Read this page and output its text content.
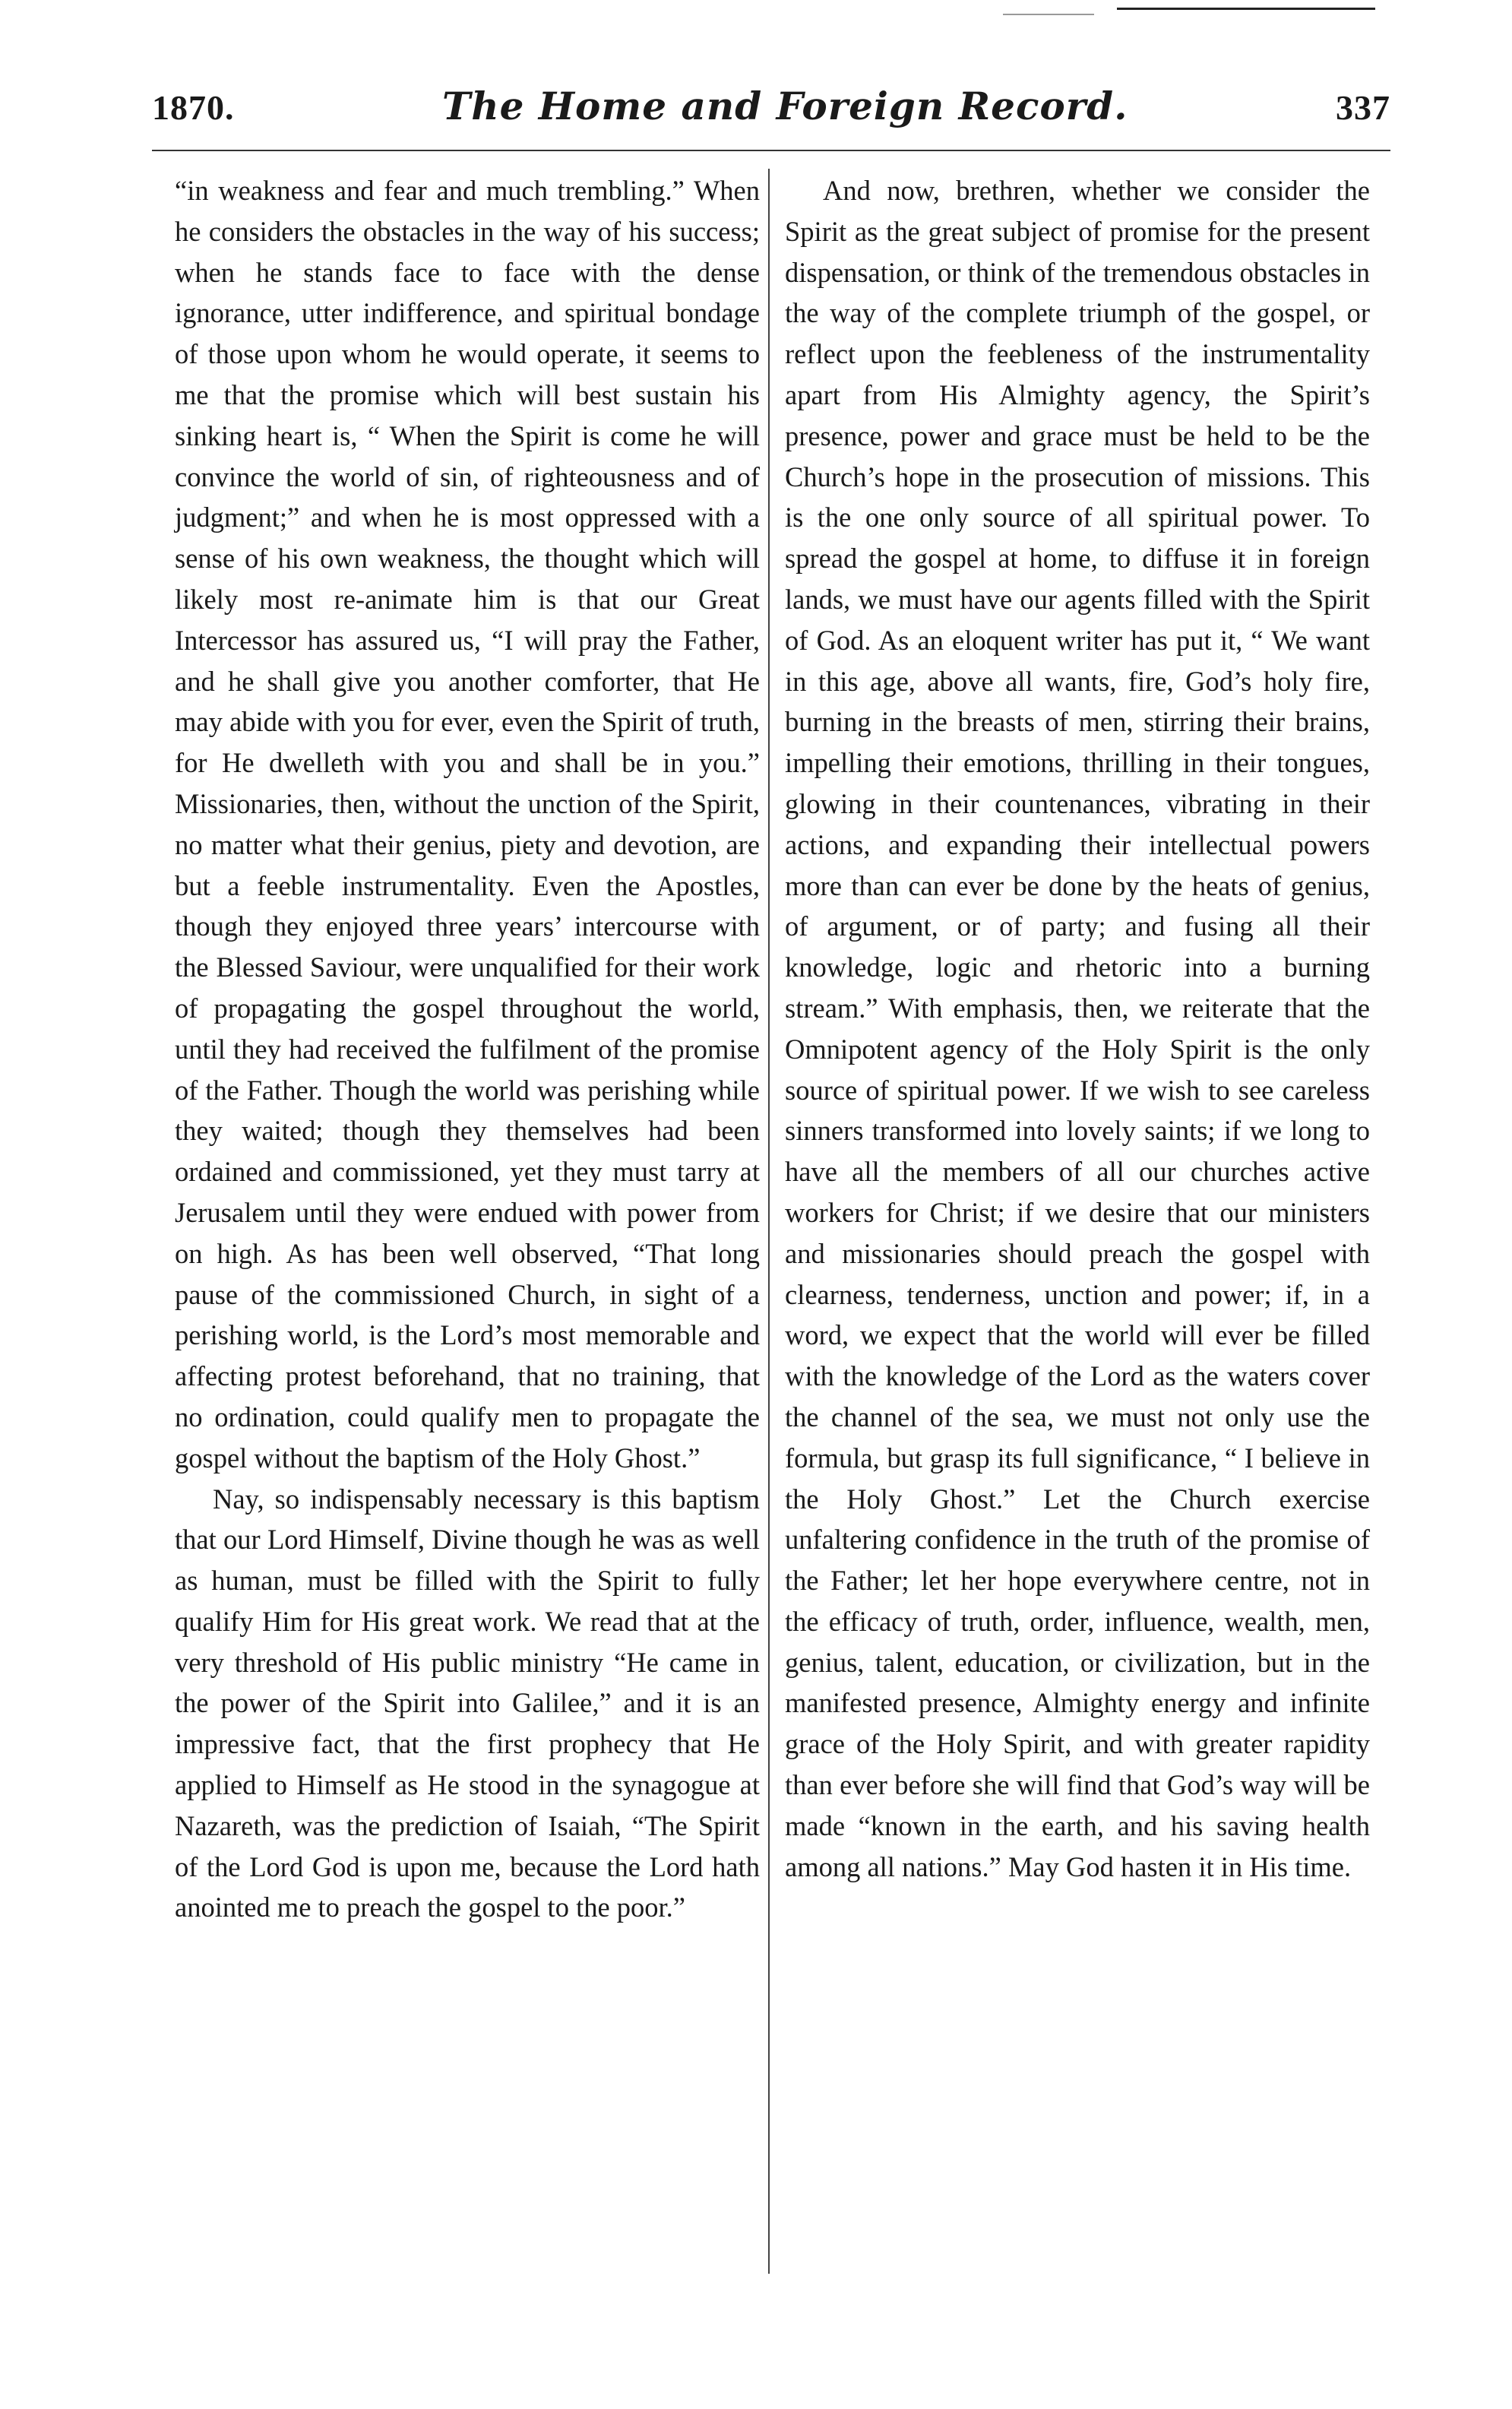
1870.	The Home and Foreign Record.	337

“in weakness and fear and much trembling.” When he considers the obstacles in the way of his success; when he stands face to face with the dense ignorance, utter indifference, and spiritual bondage of those upon whom he would operate, it seems to me that the promise which will best sustain his sinking heart is, “ When the Spirit is come he will convince the world of sin, of righteousness and of judgment;” and when he is most oppressed with a sense of his own weakness, the thought which will likely most re-animate him is that our Great Intercessor has assured us, “I will pray the Father, and he shall give you another comforter, that He may abide with you for ever, even the Spirit of truth, for He dwelleth with you and shall be in you.” Missionaries, then, without the unction of the Spirit, no matter what their genius, piety and devotion, are but a feeble instrumentality. Even the Apostles, though they enjoyed three years’ intercourse with the Blessed Saviour, were unqualified for their work of propagating the gospel throughout the world, until they had received the fulfilment of the promise of the Father. Though the world was perishing while they waited; though they themselves had been ordained and commissioned, yet they must tarry at Jerusalem until they were endued with power from on high. As has been well observed, “That long pause of the commissioned Church, in sight of a perishing world, is the Lord’s most memorable and affecting protest beforehand, that no training, that no ordination, could qualify men to propagate the gospel without the baptism of the Holy Ghost.”

Nay, so indispensably necessary is this baptism that our Lord Himself, Divine though he was as well as human, must be filled with the Spirit to fully qualify Him for His great work. We read that at the very threshold of His public ministry “He came in the power of the Spirit into Galilee,” and it is an impressive fact, that the first prophecy that He applied to Himself as He stood in the synagogue at Nazareth, was the prediction of Isaiah, “The Spirit of the Lord God is upon me, because the Lord hath anointed me to preach the gospel to the poor.”

And now, brethren, whether we consider the Spirit as the great subject of promise for the present dispensation, or think of the tremendous obstacles in the way of the complete triumph of the gospel, or reflect upon the feebleness of the instrumentality apart from His Almighty agency, the Spirit’s presence, power and grace must be held to be the Church’s hope in the prosecution of missions. This is the one only source of all spiritual power. To spread the gospel at home, to diffuse it in foreign lands, we must have our agents filled with the Spirit of God. As an eloquent writer has put it, “ We want in this age, above all wants, fire, God’s holy fire, burning in the breasts of men, stirring their brains, impelling their emotions, thrilling in their tongues, glowing in their countenances, vibrating in their actions, and expanding their intellectual powers more than can ever be done by the heats of genius, of argument, or of party; and fusing all their knowledge, logic and rhetoric into a burning stream.” With emphasis, then, we reiterate that the Omnipotent agency of the Holy Spirit is the only source of spiritual power. If we wish to see careless sinners transformed into lovely saints; if we long to have all the members of all our churches active workers for Christ; if we desire that our ministers and missionaries should preach the gospel with clearness, tenderness, unction and power; if, in a word, we expect that the world will ever be filled with the knowledge of the Lord as the waters cover the channel of the sea, we must not only use the formula, but grasp its full significance, “ I believe in the Holy Ghost.” Let the Church exercise unfaltering confidence in the truth of the promise of the Father; let her hope everywhere centre, not in the efficacy of truth, order, influence, wealth, men, genius, talent, education, or civilization, but in the manifested presence, Almighty energy and infinite grace of the Holy Spirit, and with greater rapidity than ever before she will find that God’s way will be made “known in the earth, and his saving health among all nations.” May God hasten it in His time.
